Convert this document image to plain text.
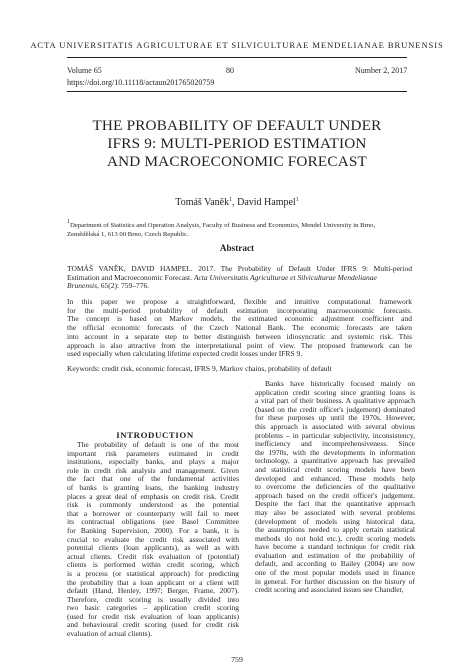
ACTA UNIVERSITATIS AGRICULTURAE ET SILVICULTURAE MENDELIANAE BRUNENSIS
Volume 65	80	Number 2, 2017
https://doi.org/10.11118/actaun201765020759
THE PROBABILITY OF DEFAULT UNDER
IFRS 9: MULTI-PERIOD ESTIMATION
AND MACROECONOMIC FORECAST
Tomáš Vaněk$^1$, David Hampel$^1$
1Department of Statistics and Operation Analysis, Faculty of Business and Economics, Mendel University in Brno,
Zemědělská 1, 613 00 Brno, Czech Republic.
Abstract
TOMÁŠ VANĚK, DAVID HAMPEL. 2017. The Probability of Default Under IFRS 9: Multi-period
Estimation and Macroeconomic Forecast. Acta Universitatis Agriculturae et Silviculturae Mendelianae
Brunensis, 65(2): 759–776.
In this paper we propose a straightforward, flexible and intuitive computational framework
for the multi-period probability of default estimation incorporating macroeconomic forecasts.
The concept is based on Markov models, the estimated economic adjustment coefficient and
the official economic forecasts of the Czech National Bank. The economic forecasts are taken
into account in a separate step to better distinguish between idiosyncratic and systemic risk. This
approach is also attractive from the interpretational point of view. The proposed framework can be
used especially when calculating lifetime expected credit losses under IFRS 9.
Keywords: credit risk, economic forecast, IFRS 9, Markov chains, probability of default
INTRODUCTION
The probability of default is one of the most
important risk parameters estimated in credit
institutions, especially banks, and plays a major
role in credit risk analysis and management. Given
the fact that one of the fundamental activities
of banks is granting loans, the banking industry
places a great deal of emphasis on credit risk. Credit
risk is commonly understood as the potential
that a borrower or counterparty will fail to meet
its contractual obligations (see Basel Committee
for Banking Supervision, 2000). For a bank, it is
crucial to evaluate the credit risk associated with
potential clients (loan applicants), as well as with
actual clients. Credit risk evaluation of (potential)
clients is performed within credit scoring, which
is a process (or statistical approach) for predicting
the probability that a loan applicant or a client will
default (Hand, Henley, 1997; Berger, Frame, 2007).
Therefore, credit scoring is usually divided into
two basic categories – application credit scoring
(used for credit risk evaluation of loan applicants)
and behavioural credit scoring (used for credit risk
evaluation of actual clients).
Banks have historically focused mainly on
application credit scoring since granting loans is
a vital part of their business. A qualitative approach
(based on the credit officer's judgement) dominated
for these purposes up until the 1970s. However,
this approach is associated with several obvious
problems – in particular subjectivity, inconsistency,
inefficiency and incomprehensiveness. Since
the 1970s, with the developments in information
technology, a quantitative approach has prevailed
and statistical credit scoring models have been
developed and enhanced. These models help
to overcome the deficiencies of the qualitative
approach based on the credit officer's judgement.
Despite the fact that the quantitative approach
may also be associated with several problems
(development of models using historical data,
the assumptions needed to apply certain statistical
methods do not hold etc.), credit scoring models
have become a standard technique for credit risk
evaluation and estimation of the probability of
default, and according to Bailey (2004) are now
one of the most popular models used in finance
in general. For further discussion on the history of
credit scoring and associated issues see Chandler,
759
